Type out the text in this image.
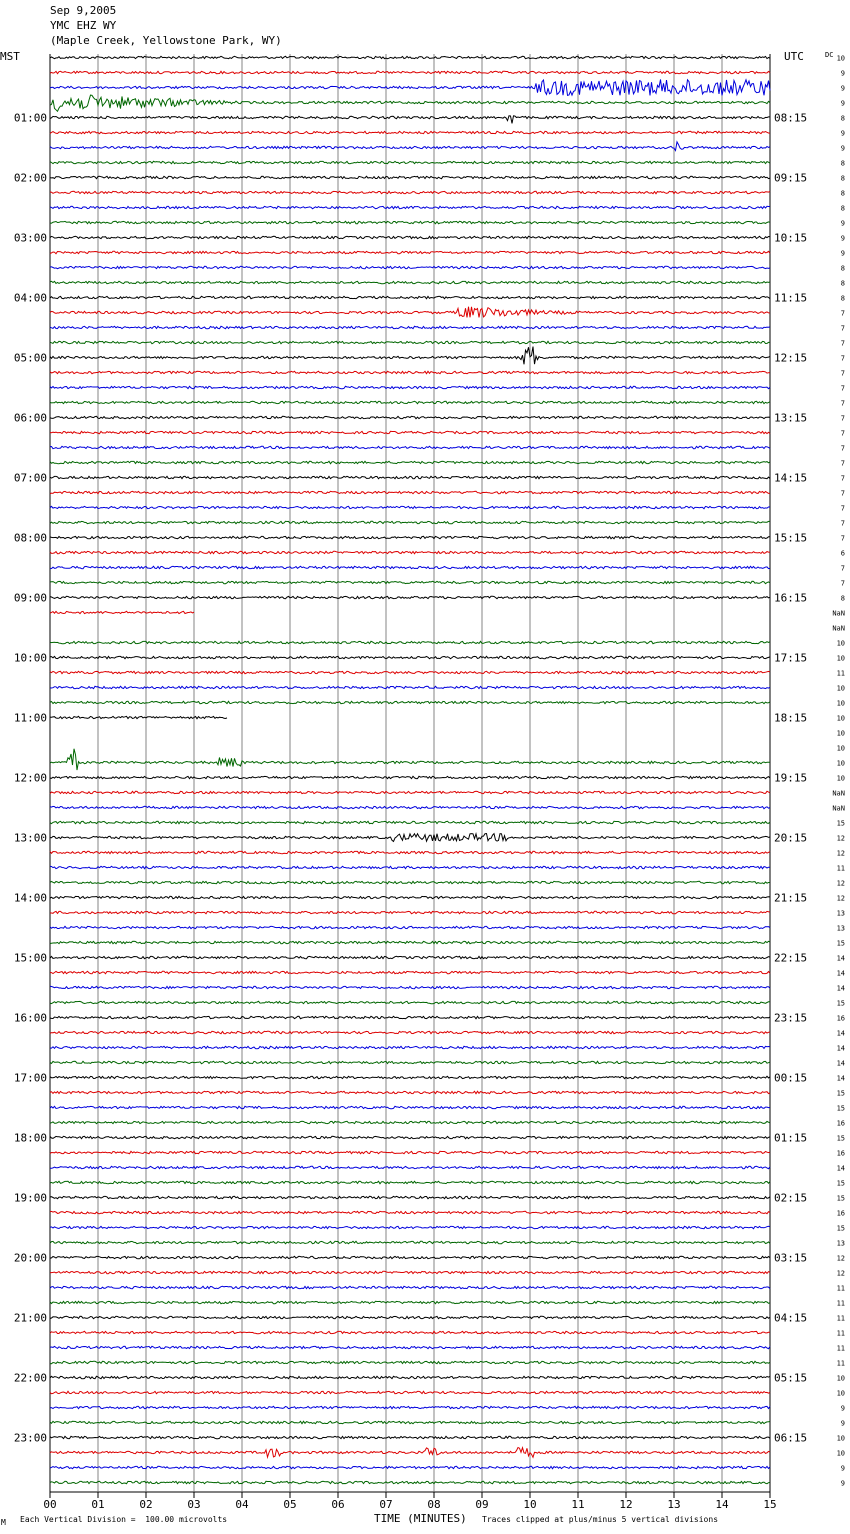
Sep 9,2005
YMC EHZ WY
(Maple Creek, Yellowstone Park, WY)
MST	UTC
00	01	02	03	04	05	06	07	08	09	10	11	12	13	14	15
10
9
9
9
8
9
9
8
8
8
8
9
9
9
8
8
8
7
7
7
7
7
7
7
7
7
7
7
7
7
7
7
7
6
7
7
8
NaN
NaN
10
10
11
10
10
10
10
10
10
10
NaN
NaN
15
12
12
11
12
12
13
13
15
14
14
14
15
16
14
14
14
14
15
15
16
15
16
14
15
15
16
15
13
12
12
11
11
11
11
11
11
10
10
9
9
10
10
9
9
DC
01:00
02:00
03:00
04:00
05:00
06:00
07:00
08:00
09:00
10:00
11:00
12:00
13:00
14:00
15:00
16:00
17:00
18:00
19:00
20:00
21:00
22:00
23:00
08:15
09:15
10:15
11:15
12:15
13:15
14:15
15:15
16:15
17:15
18:15
19:15
20:15
21:15
22:15
23:15
00:15
01:15
02:15
03:15
04:15
05:15
06:15
M Each Vertical Division =  100.00 microvolts	TIME (MINUTES) Traces clipped at plus/minus 5 vertical divisions
